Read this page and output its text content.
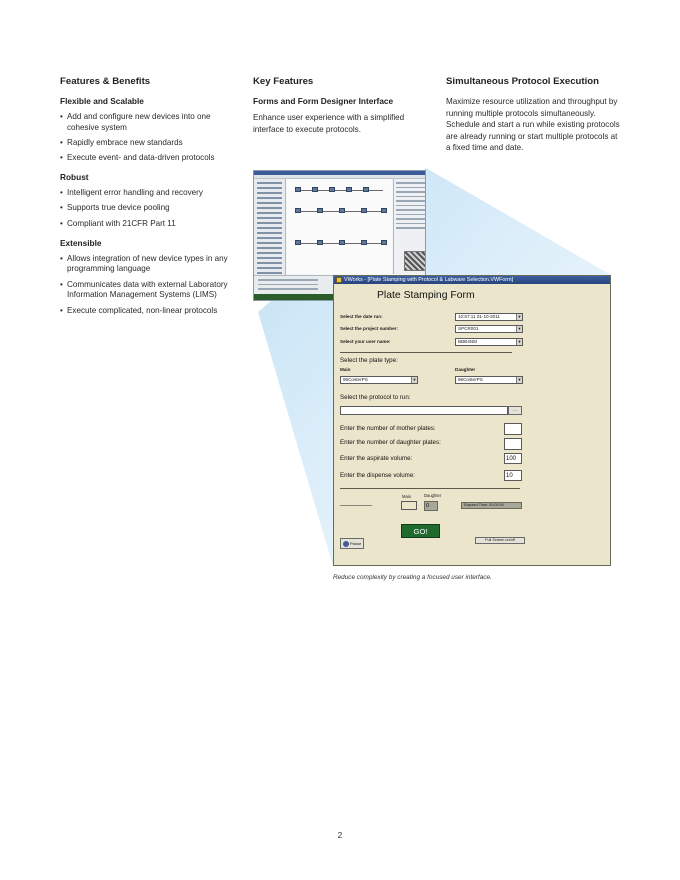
Features & Benefits
Flexible and Scalable
• Add and configure new devices into one cohesive system
• Rapidly embrace new standards
• Execute event- and data-driven protocols
Robust
• Intelligent error handling and recovery
• Supports true device pooling
• Compliant with 21CFR Part 11
Extensible
• Allows integration of new device types in any programming language
• Communicates data with external Laboratory Information Management Systems (LIMS)
• Execute complicated, non-linear protocols
Key Features
Forms and Form Designer Interface

Enhance user experience with a simplified interface to execute protocols.

Simultaneous Protocol Execution

Maximize resource utilization and throughput by running multiple protocols simultaneously. Schedule and start a run while existing protocols are already running or start multiple protocols at a fixed time and date.

VWorks - [Plate Stamping with Protocol & Labware Selection.VWForm]
Plate Stamping Form
Select the date run:	10:57:11 01-10-2011	▼
Select the project number:	SPCR001	▼
Select your user name:	BBB4NM	▼
Select the plate type:
Main	Daughter
96CosterPS	▼	96CosterPS	▼
Select the protocol to run:
...
Enter the number of mother plates:
Enter the number of daughter plates:
Enter the aspirate volume:	100
Enter the dispense volume:	10
Main	Daughter
0	Elapsed Time: 00:00:00
GO!
Pause
Full Screen on/off
Reduce complexity by creating a focused user interface.
2
